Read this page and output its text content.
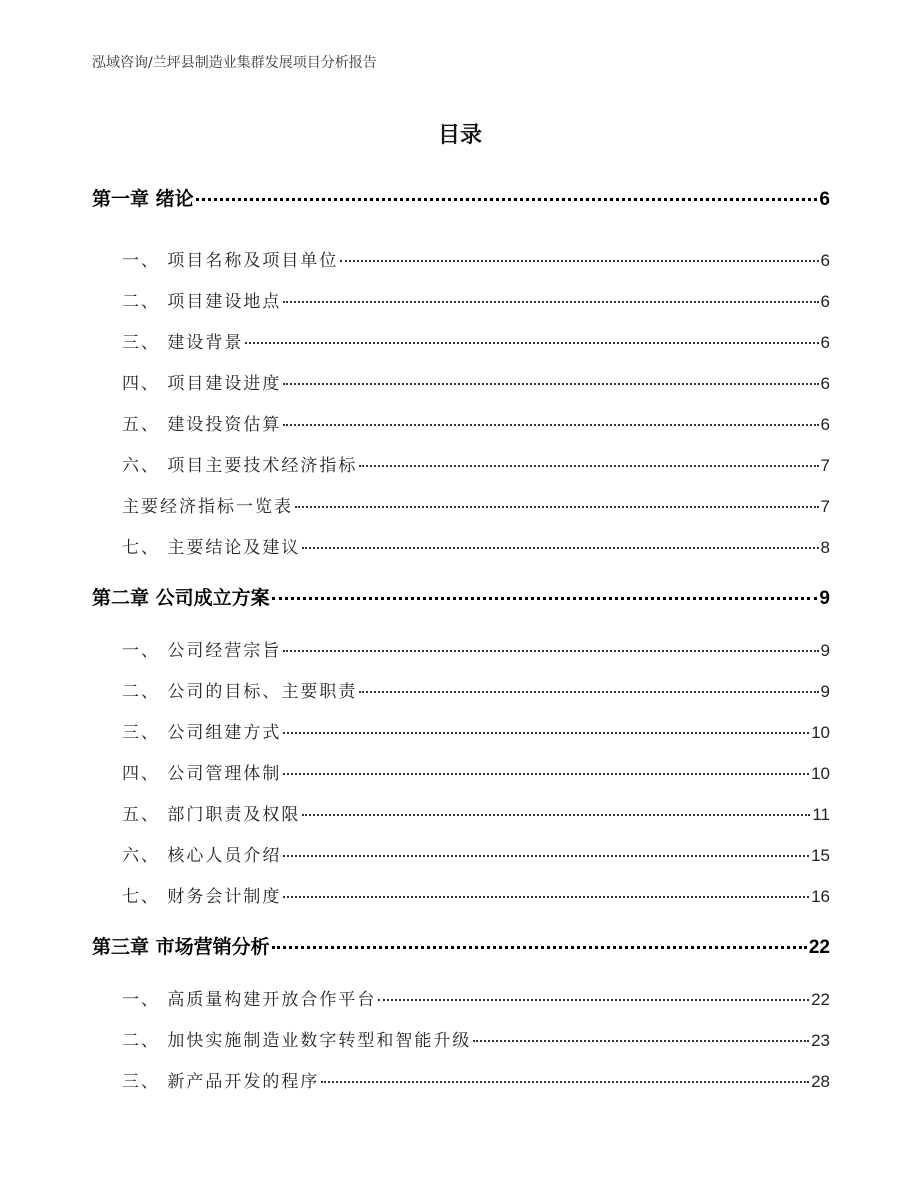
泓域咨询/兰坪县制造业集群发展项目分析报告
目录
第一章 绪论	6
一、 项目名称及项目单位	6
二、 项目建设地点	6
三、 建设背景	6
四、 项目建设进度	6
五、 建设投资估算	6
六、 项目主要技术经济指标	7
主要经济指标一览表	7
七、 主要结论及建议	8
第二章 公司成立方案	9
一、 公司经营宗旨	9
二、 公司的目标、主要职责	9
三、 公司组建方式	10
四、 公司管理体制	10
五、 部门职责及权限	11
六、 核心人员介绍	15
七、 财务会计制度	16
第三章 市场营销分析	22
一、 高质量构建开放合作平台	22
二、 加快实施制造业数字转型和智能升级	23
三、 新产品开发的程序	28
